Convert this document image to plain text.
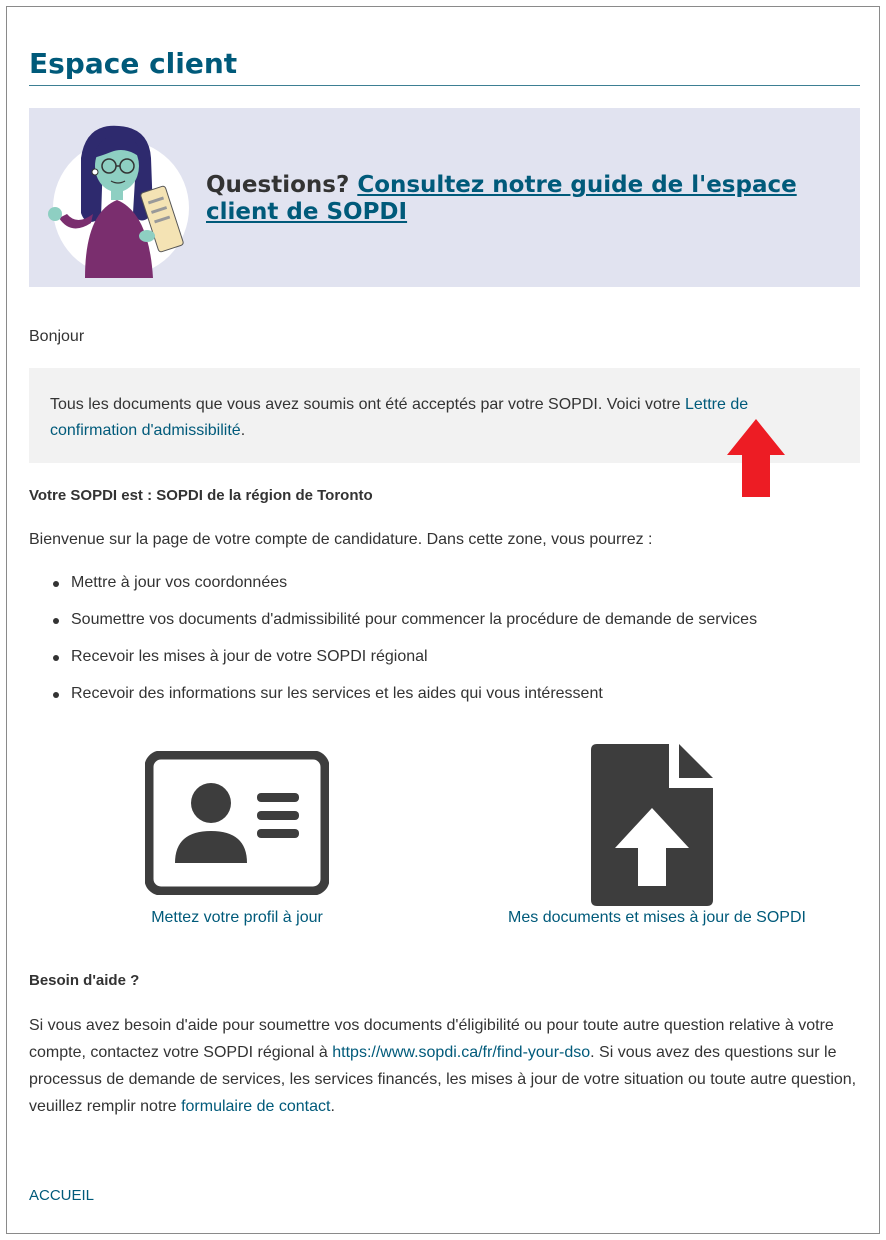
Espace client

Questions? Consultez notre guide de l'espace client de SOPDI

Bonjour

Tous les documents que vous avez soumis ont été acceptés par votre SOPDI. Voici votre Lettre de confirmation d'admissibilité.

Votre SOPDI est : SOPDI de la région de Toronto

Bienvenue sur la page de votre compte de candidature. Dans cette zone, vous pourrez :

Mettre à jour vos coordonnées
Soumettre vos documents d'admissibilité pour commencer la procédure de demande de services
Recevoir les mises à jour de votre SOPDI régional
Recevoir des informations sur les services et les aides qui vous intéressent
Mettez votre profil à jour	Mes documents et mises à jour de SOPDI

Besoin d'aide ?

Si vous avez besoin d'aide pour soumettre vos documents d'éligibilité ou pour toute autre question relative à votre compte, contactez votre SOPDI régional à https://www.sopdi.ca/fr/find-your-dso. Si vous avez des questions sur le processus de demande de services, les services financés, les mises à jour de votre situation ou toute autre question, veuillez remplir notre formulaire de contact.

ACCUEIL
